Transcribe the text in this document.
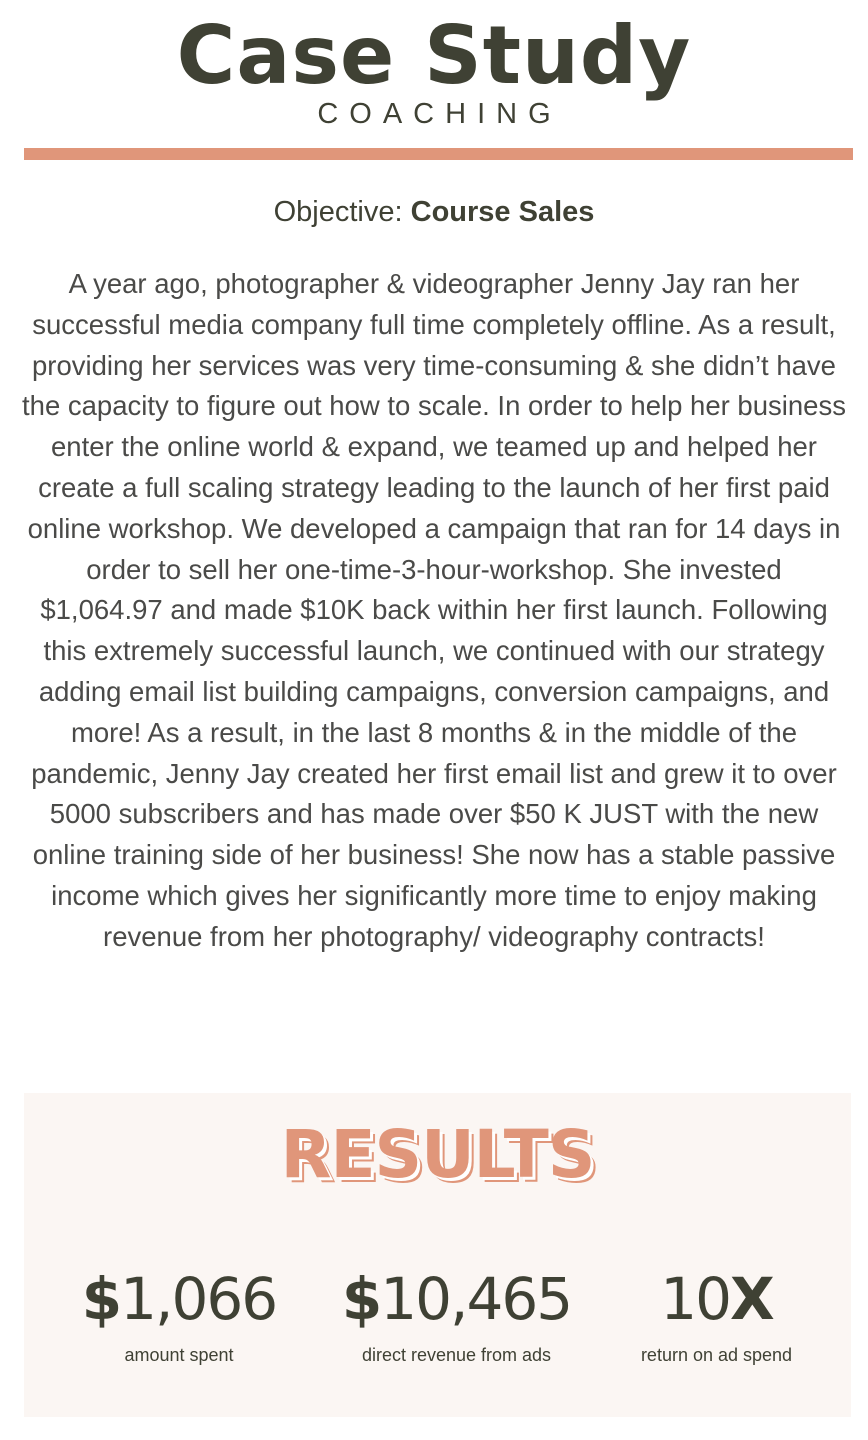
Case Study
COACHING
Objective: Course Sales

A year ago, photographer & videographer Jenny Jay ran her successful media company full time completely offline. As a result, providing her services was very time-consuming & she didn’t have the capacity to figure out how to scale. In order to help her business enter the online world & expand, we teamed up and helped her create a full scaling strategy leading to the launch of her first paid online workshop. We developed a campaign that ran for 14 days in order to sell her one-time-3-hour-workshop. She invested $1,064.97 and made $10K back within her first launch. Following this extremely successful launch, we continued with our strategy adding email list building campaigns, conversion campaigns, and more! As a result, in the last 8 months & in the middle of the pandemic, Jenny Jay created her first email list and grew it to over 5000 subscribers and has made over $50 K JUST with the new online training side of her business! She now has a stable passive income which gives her significantly more time to enjoy making revenue from her photography/ videography contracts!

RESULTS
$1,066
amount spent
$10,465
direct revenue from ads
10X
return on ad spend
